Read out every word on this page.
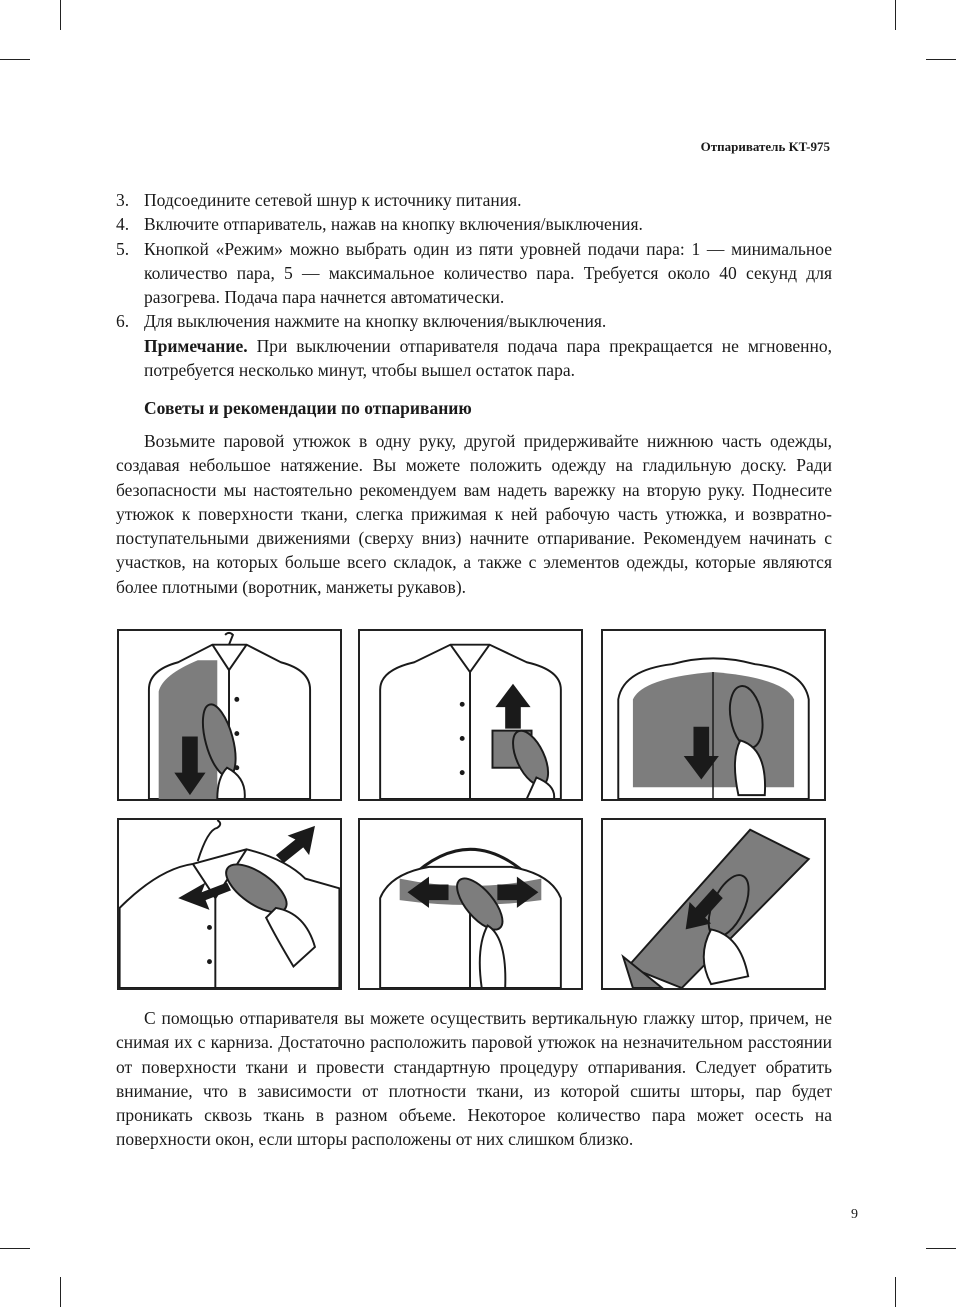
Отпариватель KT-975
3. Подсоедините сетевой шнур к источнику питания.
4. Включите отпариватель, нажав на кнопку включения/выключения.
5. Кнопкой «Режим» можно выбрать один из пяти уровней подачи пара: 1 — минимальное количество пара, 5 — максимальное количество пара. Требуется около 40 секунд для разогрева. Подача пара начнется автоматически.
6. Для выключения нажмите на кнопку включения/выключения.
Примечание. При выключении отпаривателя подача пара прекращается не мгновенно, потребуется несколько минут, чтобы вышел остаток пара.
Советы и рекомендации по отпариванию
Возьмите паровой утюжок в одну руку, другой придерживайте нижнюю часть одежды, создавая небольшое натяжение. Вы можете положить одежду на гладильную доску. Ради безопасности мы настоятельно рекомендуем вам надеть варежку на вторую руку. Поднесите утюжок к поверхности ткани, слегка прижимая к ней рабочую часть утюжка, и возвратно-поступательными движениями (сверху вниз) начните отпаривание. Рекомендуем начинать с участков, на которых больше всего складок, а также с элементов одежды, которые являются более плотными (воротник, манжеты рукавов).
С помощью отпаривателя вы можете осуществить вертикальную глажку штор, причем, не снимая их с карниза. Достаточно расположить паровой утюжок на незначительном расстоянии от поверхности ткани и провести стандартную процедуру отпаривания. Следует обратить внимание, что в зависимости от плотности ткани, из которой сшиты шторы, пар будет проникать сквозь ткань в разном объеме. Некоторое количество пара может осесть на поверхности окон, если шторы расположены от них слишком близко.
9
